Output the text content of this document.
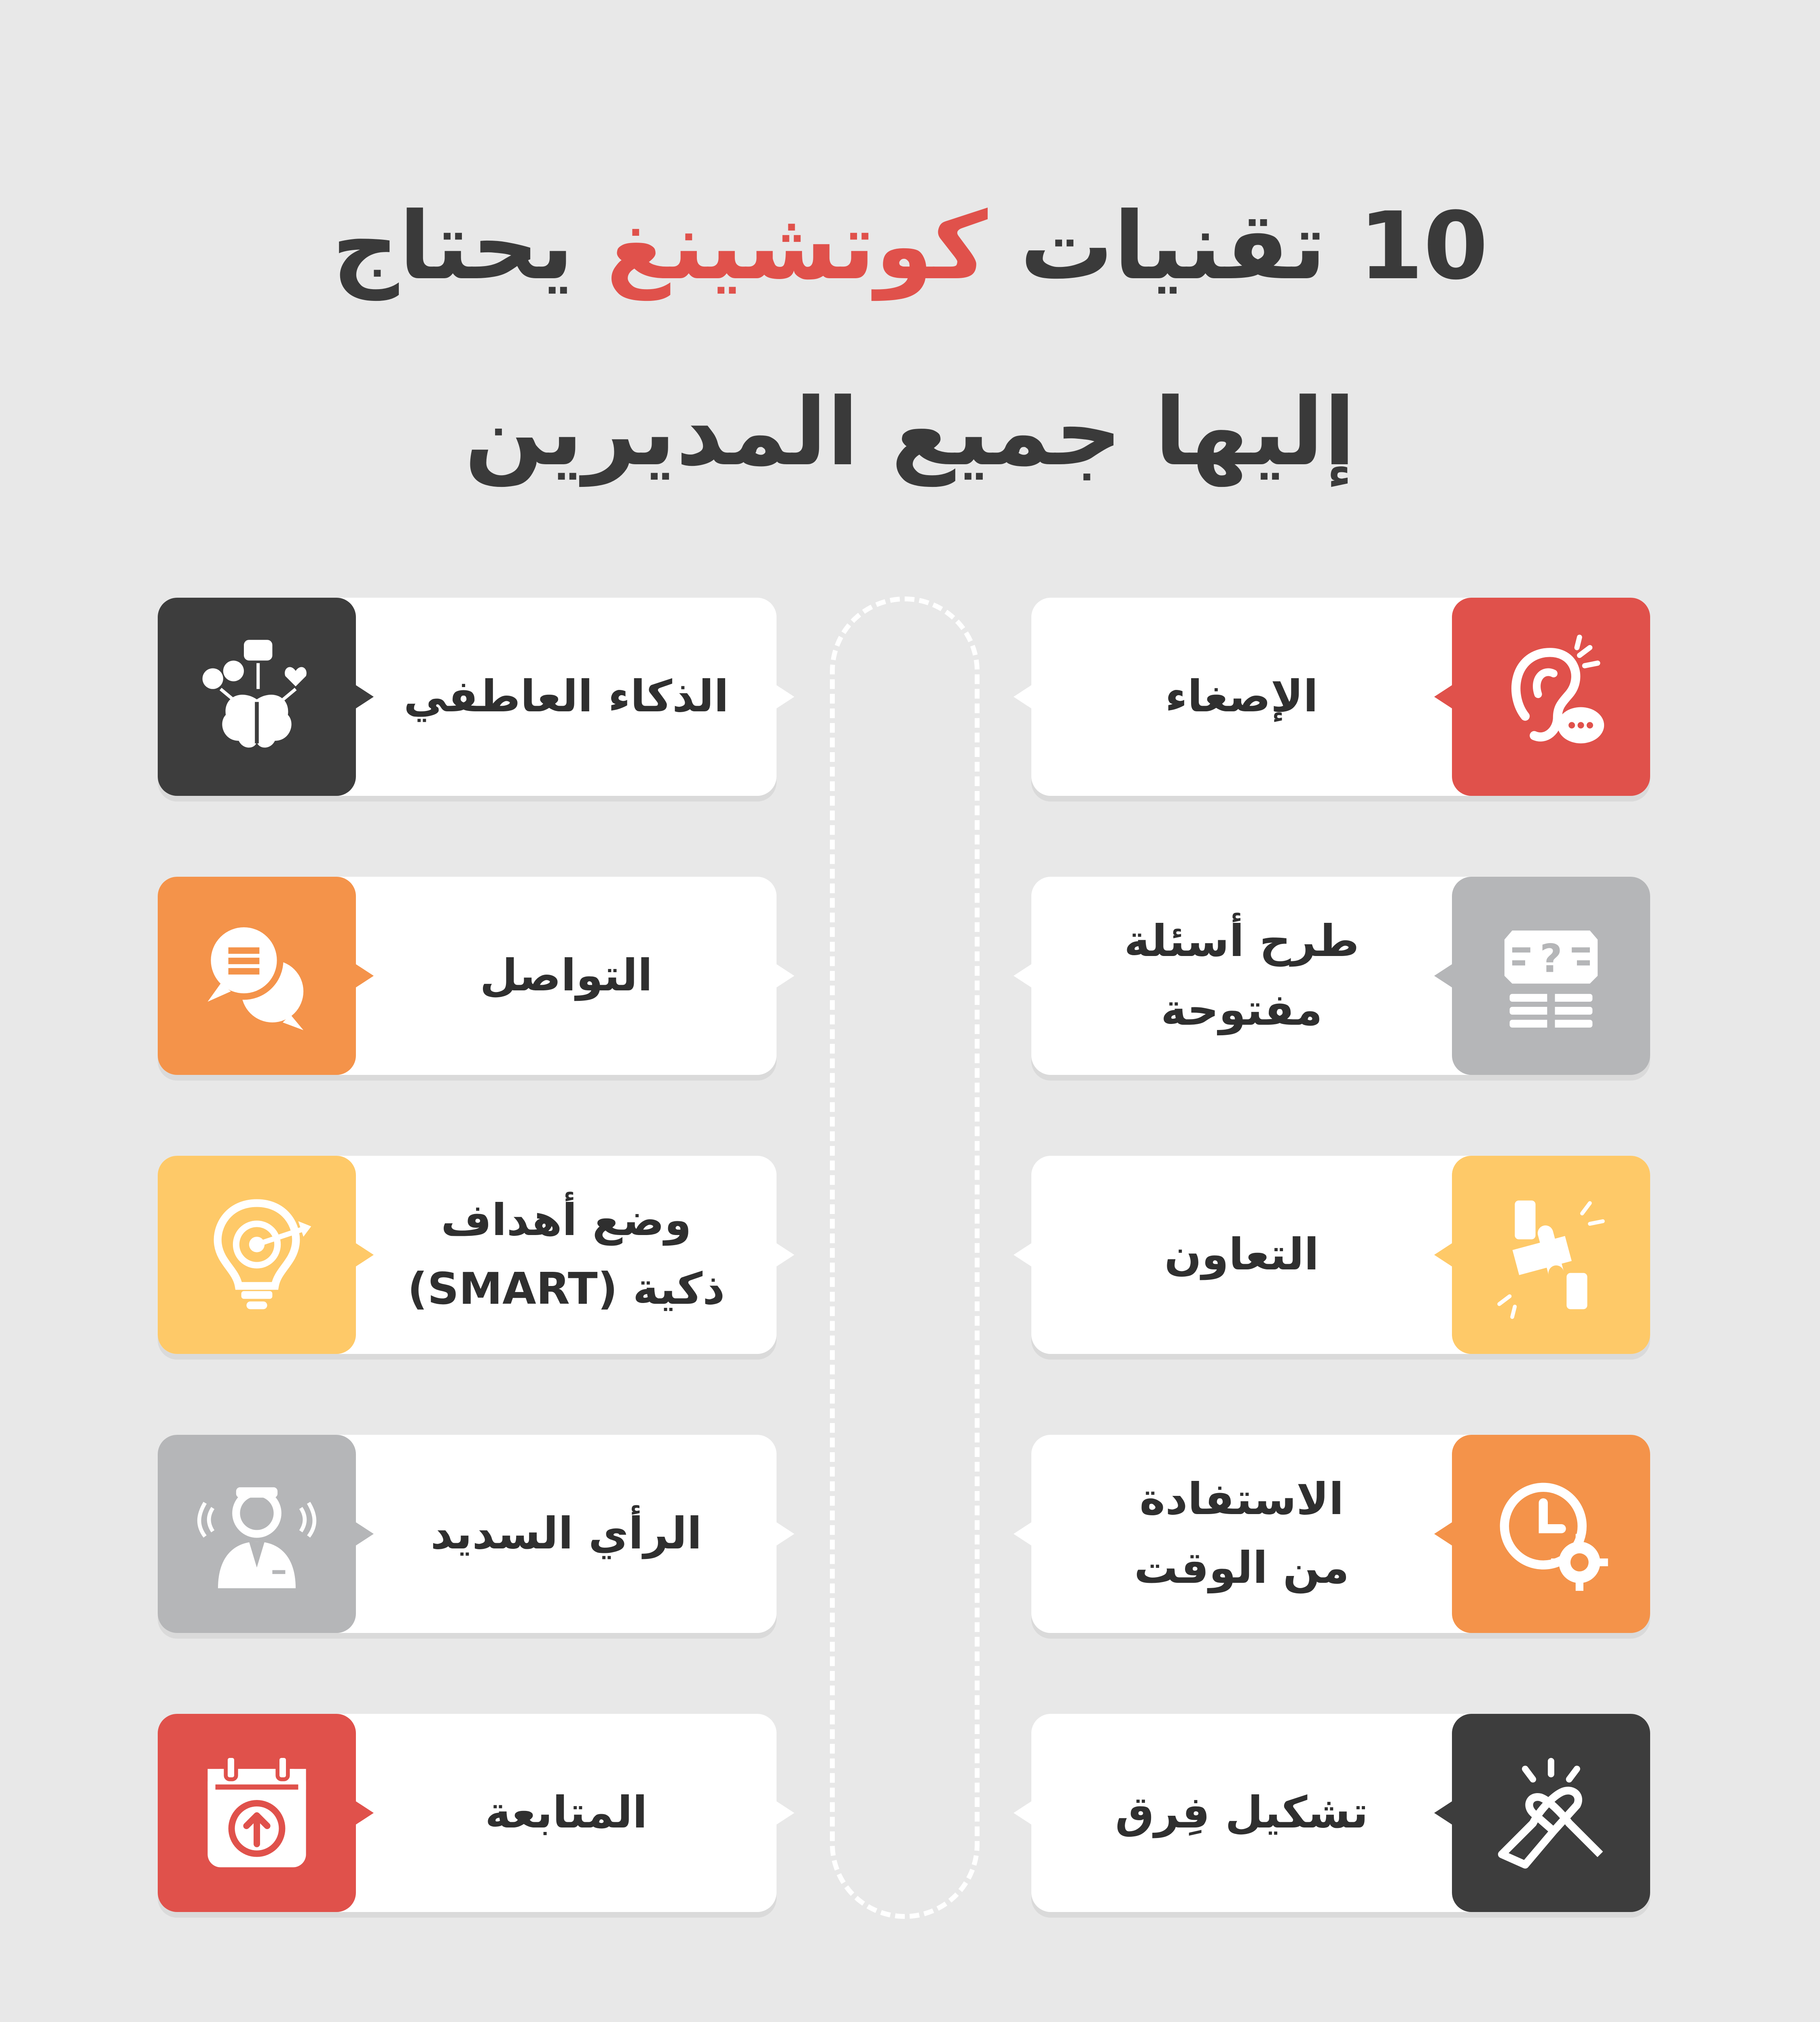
10 تقنيات كوتشينغ يحتاج
إليها جميع المديرين
الإصغاء
طرح أسئلة
مفتوحة
?
التعاون
الاستفادة
من الوقت
تشكيل فِرق
الذكاء العاطفي
التواصل
وضع أهداف
ذكية (SMART)
الرأي السديد
المتابعة
